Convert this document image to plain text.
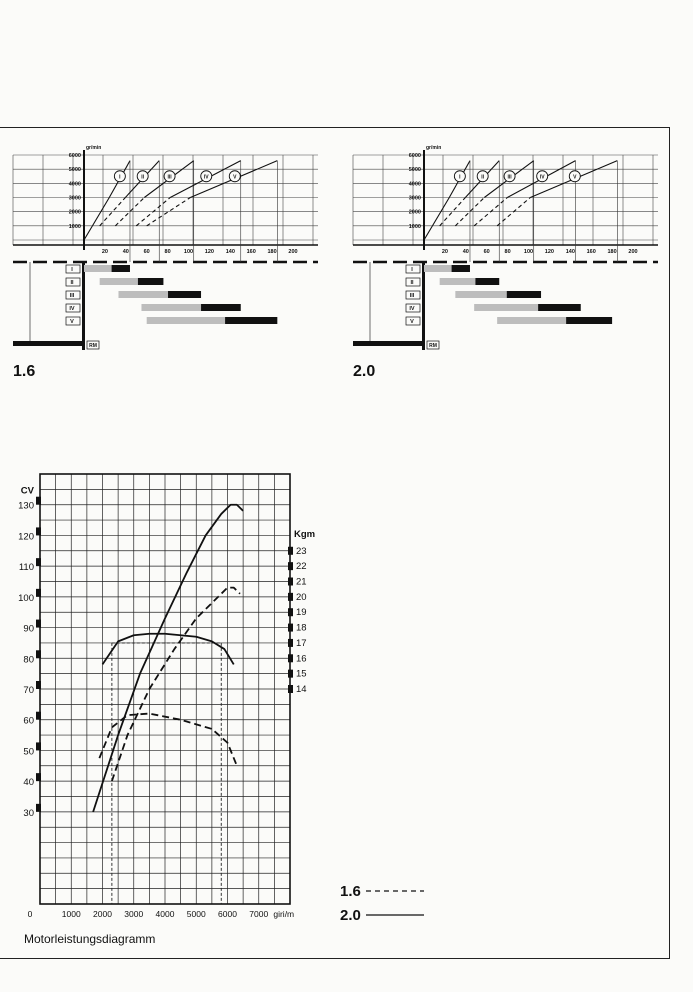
gr/min
6000
5000
4000
3000
2000
1000
20	40	60	80 100 120 140 160 180 200
I	II	III	IV	V
I
II
III
IV
V
RM
1.6
gr/min
6000
5000
4000
3000
2000
1000
20	40	60	80 100 120 140 160 180 200
I	II	III	IV	V
I
II
III
IV
V
RM
2.0
30
40
50
60
70
80
90
100
110
120
130
CV
14
15
16
17
18
19
20
21
22
23
Kgm
0	1000 2000 3000 4000 5000 6000 7000 giri/m
Motorleistungsdiagramm
1.6
2.0
